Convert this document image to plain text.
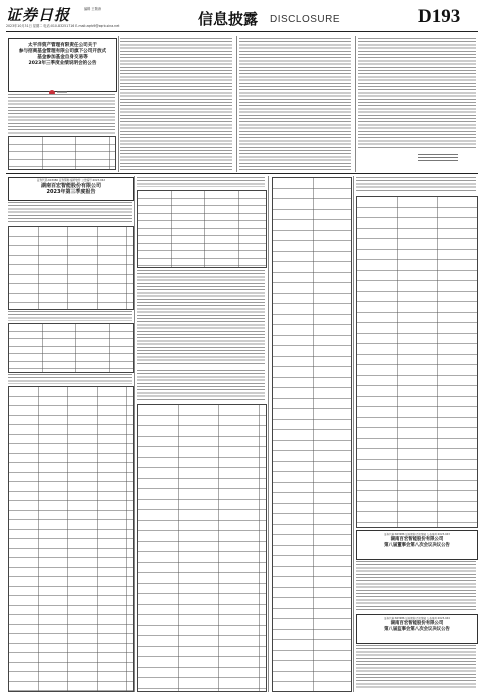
证券日报	编辑 王敬涛
2023年10月31日 星期二 电话:010-83251716 E-mail:zqrb9@zqrb.sina.net	信息披露 DISCLOSURE	D193
太平洋资产管理有限责任公司关于
参与招商基金管理有限公司旗下公司开放式
基金参加基金自身交易等
2023年三季度业绩说明会的公告
证券代码:603986 证券简称:福昕软件 公告编号:2023-042
湖南百宏智能股份有限公司
2023年第三季度报告
证券代码:603986 证券简称:百宏智能 公告编号:2023-043
湖南百宏智能股份有限公司
第八届董事会第八次会议决议公告
证券代码:603986 证券简称:百宏智能 公告编号:2023-044
湖南百宏智能股份有限公司
第八届监事会第八次会议决议公告
